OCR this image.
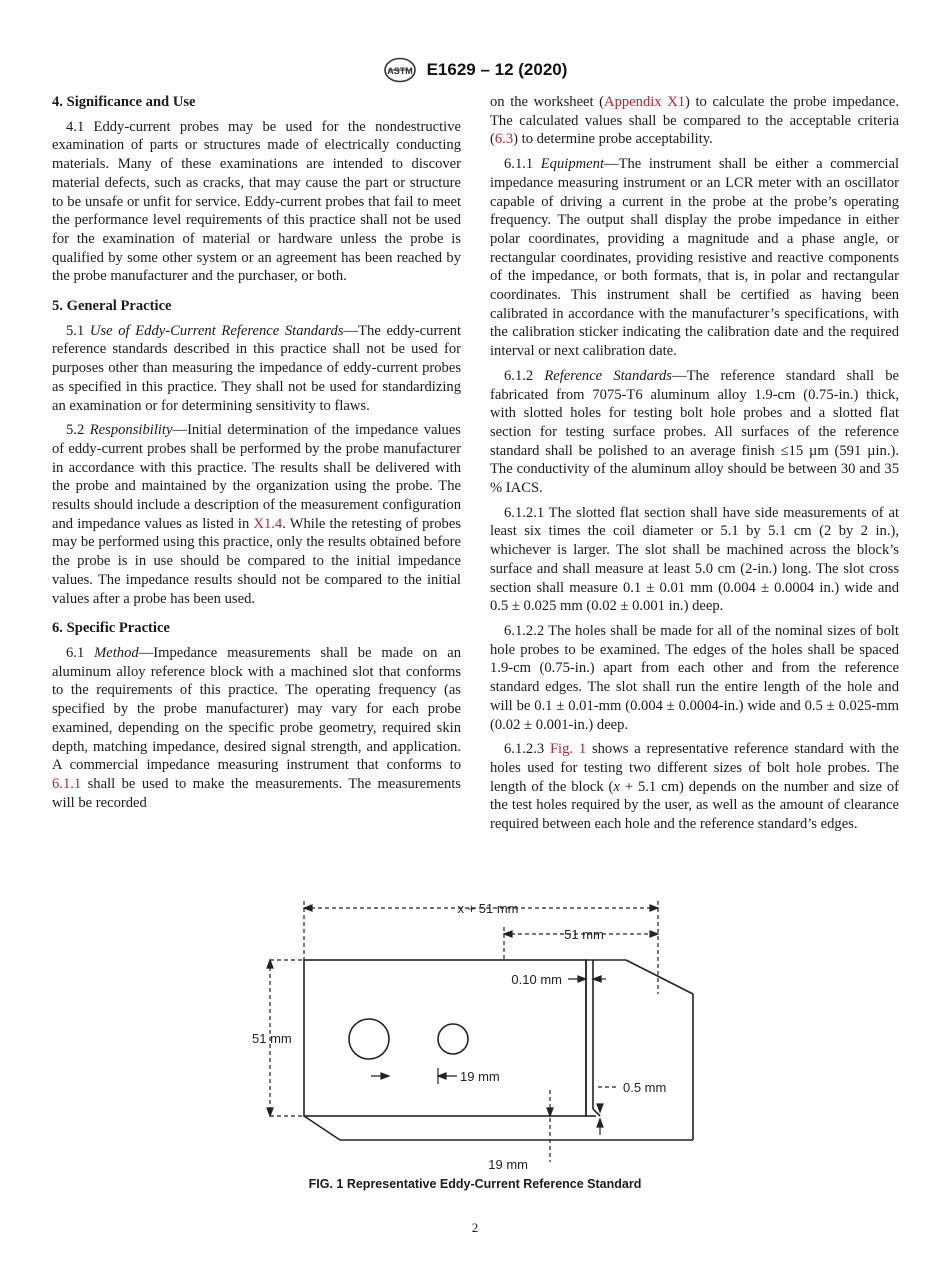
ASTM E1629 – 12 (2020)
4. Significance and Use

4.1 Eddy-current probes may be used for the nondestructive examination of parts or structures made of electrically conducting materials. Many of these examinations are intended to discover material defects, such as cracks, that may cause the part or structure to be unsafe or unfit for service. Eddy-current probes that fail to meet the performance level requirements of this practice shall not be used for the examination of material or hardware unless the probe is qualified by some other system or an agreement has been reached by the probe manufacturer and the purchaser, or both.

5. General Practice

5.1 Use of Eddy-Current Reference Standards—The eddy-current reference standards described in this practice shall not be used for purposes other than measuring the impedance of eddy-current probes as specified in this practice. They shall not be used for standardizing an examination or for determining sensitivity to flaws.

5.2 Responsibility—Initial determination of the impedance values of eddy-current probes shall be performed by the probe manufacturer in accordance with this practice. The results shall be delivered with the probe and maintained by the organization using the probe. The results should include a description of the measurement configuration and impedance values as listed in X1.4. While the retesting of probes may be performed using this practice, only the results obtained before the probe is in use should be compared to the initial impedance values. The impedance results should not be compared to the initial values after a probe has been used.

6. Specific Practice

6.1 Method—Impedance measurements shall be made on an aluminum alloy reference block with a machined slot that conforms to the requirements of this practice. The operating frequency (as specified by the probe manufacturer) may vary for each probe examined, depending on the specific probe geometry, required skin depth, matching impedance, desired signal strength, and application. A commercial impedance measuring instrument that conforms to 6.1.1 shall be used to make the measurements. The measurements will be recorded

on the worksheet (Appendix X1) to calculate the probe impedance. The calculated values shall be compared to the acceptable criteria (6.3) to determine probe acceptability.

6.1.1 Equipment—The instrument shall be either a commercial impedance measuring instrument or an LCR meter with an oscillator capable of driving a current in the probe at the probe’s operating frequency. The output shall display the probe impedance in either polar coordinates, providing a magnitude and a phase angle, or rectangular coordinates, providing resistive and reactive components of the impedance, or both formats, that is, in polar and rectangular coordinates. This instrument shall be certified as having been calibrated in accordance with the manufacturer’s specifications, with the calibration sticker indicating the calibration date and the required interval or next calibration date.

6.1.2 Reference Standards—The reference standard shall be fabricated from 7075-T6 aluminum alloy 1.9-cm (0.75-in.) thick, with slotted holes for testing bolt hole probes and a slotted flat section for testing surface probes. All surfaces of the reference standard shall be polished to an average finish ≤15 µm (591 µin.). The conductivity of the aluminum alloy should be between 30 and 35 % IACS.

6.1.2.1 The slotted flat section shall have side measurements of at least six times the coil diameter or 5.1 by 5.1 cm (2 by 2 in.), whichever is larger. The slot shall be machined across the block’s surface and shall measure at least 5.0 cm (2-in.) long. The slot cross section shall measure 0.1 ± 0.01 mm (0.004 ± 0.0004 in.) wide and 0.5 ± 0.025 mm (0.02 ± 0.001 in.) deep.

6.1.2.2 The holes shall be made for all of the nominal sizes of bolt hole probes to be examined. The edges of the holes shall be spaced 1.9-cm (0.75-in.) apart from each other and from the reference standard edges. The slot shall run the entire length of the hole and will be 0.1 ± 0.01-mm (0.004 ± 0.0004-in.) wide and 0.5 ± 0.025-mm (0.02 ± 0.001-in.) deep.

6.1.2.3 Fig. 1 shows a representative reference standard with the holes used for testing two different sizes of bolt hole probes. The length of the block (x + 5.1 cm) depends on the number and size of the test holes required by the user, as well as the amount of clearance required between each hole and the reference standard’s edges.

x + 51 mm
51 mm
0.10 mm
51 mm
19 mm
0.5 mm
19 mm
FIG. 1 Representative Eddy-Current Reference Standard
2
